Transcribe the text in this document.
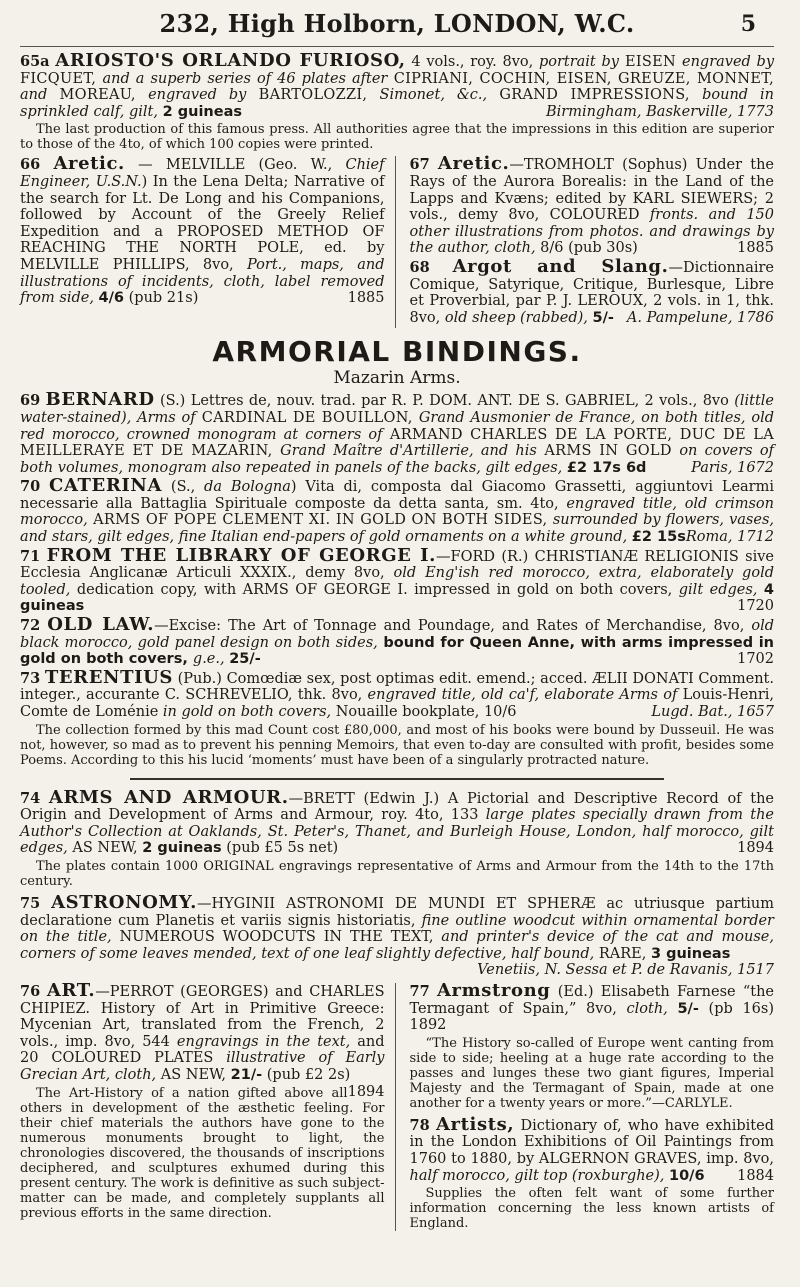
232, High Holborn, LONDON, W.C.	5

65a ARIOSTO'S ORLANDO FURIOSO, 4 vols., roy. 8vo, portrait by EISEN engraved by FICQUET, and a superb series of 46 plates after CIPRIANI, COCHIN, EISEN, GREUZE, MONNET, and MOREAU, engraved by BARTOLOZZI, Simonet, &c., GRAND IMPRESSIONS, bound in sprinkled calf, gilt, 2 guineas	Birmingham, Baskerville, 1773

The last production of this famous press. All authorities agree that the impressions in this edition are superior to those of the 4to, of which 100 copies were printed.

66 Aretic. — MELVILLE (Geo. W., Chief Engineer, U.S.N.) In the Lena Delta; Narrative of the search for Lt. De Long and his Companions, followed by Account of the Greely Relief Expedition and a PROPOSED METHOD OF REACHING THE NORTH POLE, ed. by MELVILLE PHILLIPS, 8vo, Port., maps, and illustrations of incidents, cloth, label removed from side, 4/6 (pub 21s)	1885

67 Aretic.—TROMHOLT (Sophus) Under the Rays of the Aurora Borealis: in the Land of the Lapps and Kvæns; edited by KARL SIEWERS; 2 vols., demy 8vo, COLOURED fronts. and 150 other illustrations from photos. and drawings by the author, cloth, 8/6 (pub 30s)	1885

68 Argot and Slang.—Dictionnaire Comique, Satyrique, Critique, Burlesque, Libre et Proverbial, par P. J. LEROUX, 2 vols. in 1, thk. 8vo, old sheep (rabbed), 5/- A. Pampelune, 1786

ARMORIAL BINDINGS.
Mazarin Arms.

69 BERNARD (S.) Lettres de, nouv. trad. par R. P. DOM. ANT. DE S. GABRIEL, 2 vols., 8vo (little water-stained), Arms of CARDINAL DE BOUILLON, Grand Ausmonier de France, on both titles, old red morocco, crowned monogram at corners of ARMAND CHARLES DE LA PORTE, DUC DE LA MEILLERAYE ET DE MAZARIN, Grand Maître d'Artillerie, and his ARMS IN GOLD on covers of both volumes, monogram also repeated in panels of the backs, gilt edges, £2 17s 6d	Paris, 1672

70 CATERINA (S., da Bologna) Vita di, composta dal Giacomo Grassetti, aggiuntovi Learmi necessarie alla Battaglia Spirituale composte da detta santa, sm. 4to, engraved title, old crimson morocco, ARMS OF POPE CLEMENT XI. IN GOLD ON BOTH SIDES, surrounded by flowers, vases, and stars, gilt edges, fine Italian end-papers of gold ornaments on a white ground, £2 15s Roma, 1712

71 FROM THE LIBRARY OF GEORGE I.—FORD (R.) CHRISTIANÆ RELIGIONIS sive Ecclesia Anglicanæ Articuli XXXIX., demy 8vo, old Eng'ish red morocco, extra, elaborately gold tooled, dedication copy, with ARMS OF GEORGE I. impressed in gold on both covers, gilt edges, 4 guineas	1720

72 OLD LAW.—Excise: The Art of Tonnage and Poundage, and Rates of Merchandise, 8vo, old black morocco, gold panel design on both sides, bound for Queen Anne, with arms impressed in gold on both covers, g.e., 25/-	1702

73 TERENTIUS (Pub.) Comœdiæ sex, post optimas edit. emend.; acced. ÆLII DONATI Comment. integer., accurante C. SCHREVELIO, thk. 8vo, engraved title, old ca'f, elaborate Arms of Louis-Henri, Comte de Loménie in gold on both covers, Nouaille bookplate, 10/6	Lugd. Bat., 1657

The collection formed by this mad Count cost £80,000, and most of his books were bound by Dusseuil. He was not, however, so mad as to prevent his penning Memoirs, that even to-day are consulted with profit, besides some Poems. According to this his lucid ‘moments’ must have been of a singularly protracted nature.

74 ARMS AND ARMOUR.—BRETT (Edwin J.) A Pictorial and Descriptive Record of the Origin and Development of Arms and Armour, roy. 4to, 133 large plates specially drawn from the Author's Collection at Oaklands, St. Peter's, Thanet, and Burleigh House, London, half morocco, gilt edges, AS NEW, 2 guineas (pub £5 5s net)	1894

The plates contain 1000 ORIGINAL engravings representative of Arms and Armour from the 14th to the 17th century.

75 ASTRONOMY.—HYGINII ASTRONOMI DE MUNDI ET SPHERÆ ac utriusque partium declaratione cum Planetis et variis signis historiatis, fine outline woodcut within ornamental border on the title, NUMEROUS WOODCUTS IN THE TEXT, and printer's device of the cat and mouse, corners of some leaves mended, text of one leaf slightly defective, half bound, RARE, 3 guineas
Venetiis, N. Sessa et P. de Ravanis, 1517

76 ART.—PERROT (GEORGES) and CHARLES CHIPIEZ. History of Art in Primitive Greece: Mycenian Art, translated from the French, 2 vols., imp. 8vo, 544 engravings in the text, and 20 COLOURED PLATES illustrative of Early Grecian Art, cloth, AS NEW, 21/- (pub £2 2s)
1894

The Art-History of a nation gifted above all others in development of the æsthetic feeling. For their chief materials the authors have gone to the numerous monuments brought to light, the chronologies discovered, the thousands of inscriptions deciphered, and sculptures exhumed during this present century. The work is definitive as such subject-matter can be made, and completely supplants all previous efforts in the same direction.

77 Armstrong (Ed.) Elisabeth Farnese “the Termagant of Spain,” 8vo, cloth, 5/- (pb 16s) 1892

“The History so-called of Europe went canting from side to side; heeling at a huge rate according to the passes and lunges these two giant figures, Imperial Majesty and the Termagant of Spain, made at one another for a twenty years or more.”—CARLYLE.

78 Artists, Dictionary of, who have exhibited in the London Exhibitions of Oil Paintings from 1760 to 1880, by ALGERNON GRAVES, imp. 8vo, half morocco, gilt top (roxburghe), 10/6 1884

Supplies the often felt want of some further information concerning the less known artists of England.
